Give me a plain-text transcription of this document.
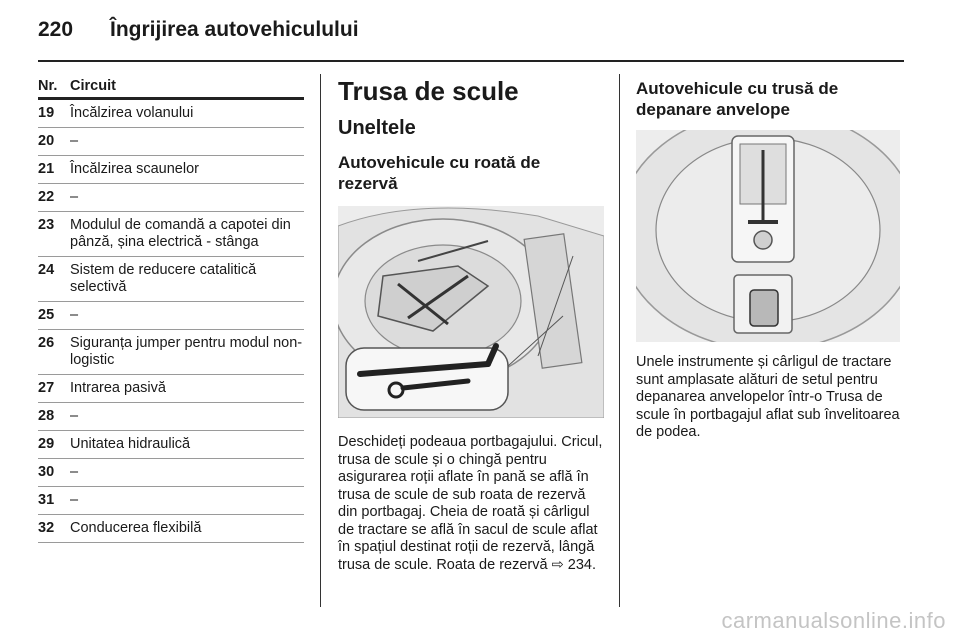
220 Îngrijirea autovehiculului
Nr. Circuit
19	Încălzirea volanului
20	–
21	Încălzirea scaunelor
22	–
23	Modulul de comandă a capotei din pânză, șina electrică - stânga
24	Sistem de reducere catalitică selectivă
25	–
26	Siguranța jumper pentru modul non-logistic
27	Intrarea pasivă
28	–
29	Unitatea hidraulică
30	–
31	–
32	Conducerea flexibilă
Trusa de scule
Uneltele
Autovehicule cu roată de rezervă

Deschideți podeaua portbagajului. Cricul, trusa de scule și o chingă pentru asigurarea roții aflate în pană se află în trusa de scule de sub roata de rezervă din portbagaj. Cheia de roată și cârligul de tractare se află în sacul de scule aflat în spațiul destinat roții de rezervă, lângă trusa de scule. Roata de rezervă ⇨ 234.

Autovehicule cu trusă de depanare anvelope

Unele instrumente și cârligul de tractare sunt amplasate alături de setul pentru depanarea anvelopelor într-o Trusa de scule în portbagajul aflat sub învelitoarea de podea.

carmanualsonline.info
